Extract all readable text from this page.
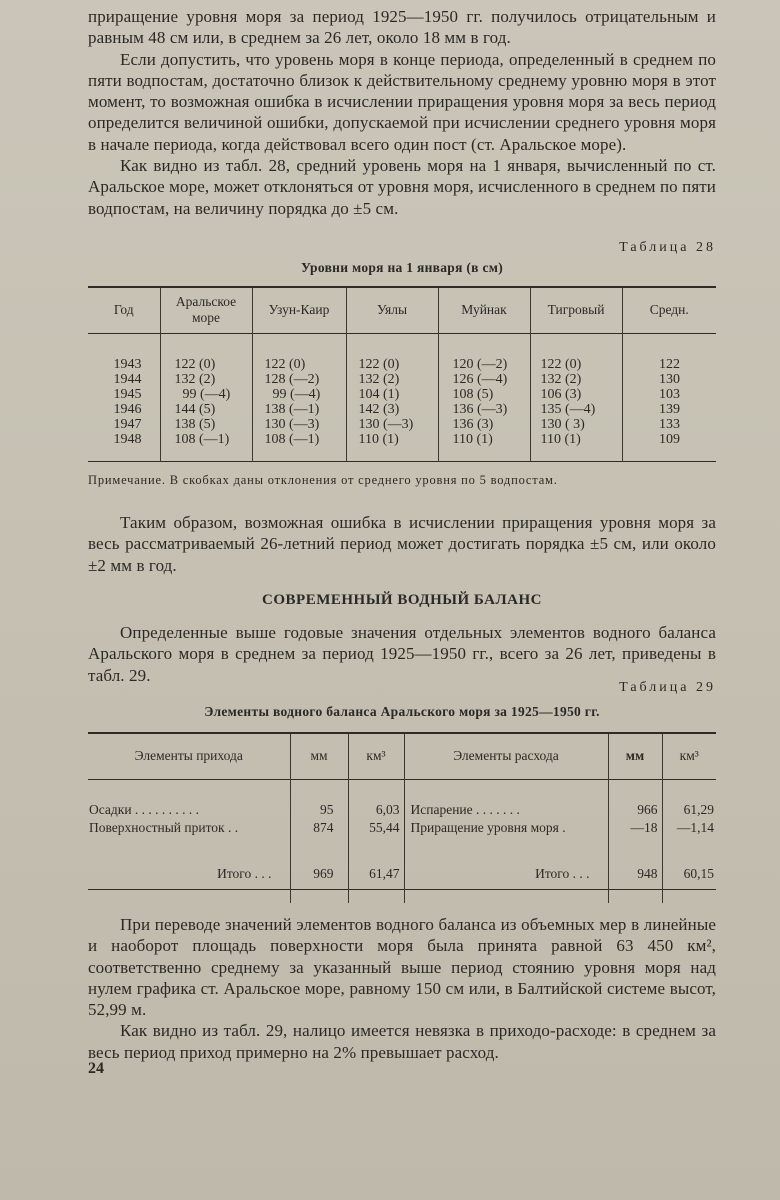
приращение уровня моря за период 1925—1950 гг. получилось отрицательным и равным 48 см или, в среднем за 26 лет, около 18 мм в год.

Если допустить, что уровень моря в конце периода, определенный в среднем по пяти водпостам, достаточно близок к действительному среднему уровню моря в этот момент, то возможная ошибка в исчислении приращения уровня моря за весь период определится величиной ошибки, допускаемой при исчислении среднего уровня моря в начале периода, когда действовал всего один пост (ст. Аральское море).

Как видно из табл. 28, средний уровень моря на 1 января, вычисленный по ст. Аральское море, может отклоняться от уровня моря, исчисленного в среднем по пяти водпостам, на величину порядка до ±5 см.

Таблица 28

Уровни моря на 1 января (в см)

Год	Аральское море	Узун-Каир	Уялы	Муйнак	Тигровый	Средн.

1943	122 (0)	122 (0)	122 (0)	120 (—2)	122 (0)	122
1944	132 (2)	128 (—2)	132 (2)	126 (—4)	132 (2)	130
1945	99 (—4)	99 (—4)	104 (1)	108 (5)	106 (3)	103
1946	144 (5)	138 (—1)	142 (3)	136 (—3)	135 (—4)	139
1947	138 (5)	130 (—3)	130 (—3)	136 (3)	130 ( 3)	133
1948	108 (—1)	108 (—1)	110 (1)	110 (1)	110 (1)	109

Примечание. В скобках даны отклонения от среднего уровня по 5 водпостам.

Таким образом, возможная ошибка в исчислении приращения уровня моря за весь рассматриваемый 26-летний период может достигать порядка ±5 см, или около ±2 мм в год.

СОВРЕМЕННЫЙ ВОДНЫЙ БАЛАНС

Определенные выше годовые значения отдельных элементов водного баланса Аральского моря в среднем за период 1925—1950 гг., всего за 26 лет, приведены в табл. 29.

Таблица 29

Элементы водного баланса Аральского моря за 1925—1950 гг.

Элементы прихода	мм	км³	Элементы расхода	мм	км³

Осадки . . . . . . . . . .	95	6,03	Испарение . . . . . . .	966	61,29
Поверхностный приток . .	874	55,44	Приращение уровня моря .	—18	—1,14

Итого . . .	969	61,47	Итого . . .	948	60,15

При переводе значений элементов водного баланса из объемных мер в линейные и наоборот площадь поверхности моря была принята равной 63 450 км², соответственно среднему за указанный выше период стоянию уровня моря над нулем графика ст. Аральское море, равному 150 см или, в Балтийской системе высот, 52,99 м.

Как видно из табл. 29, налицо имеется невязка в приходо-расходе: в среднем за весь период приход примерно на 2% превышает расход.

24
